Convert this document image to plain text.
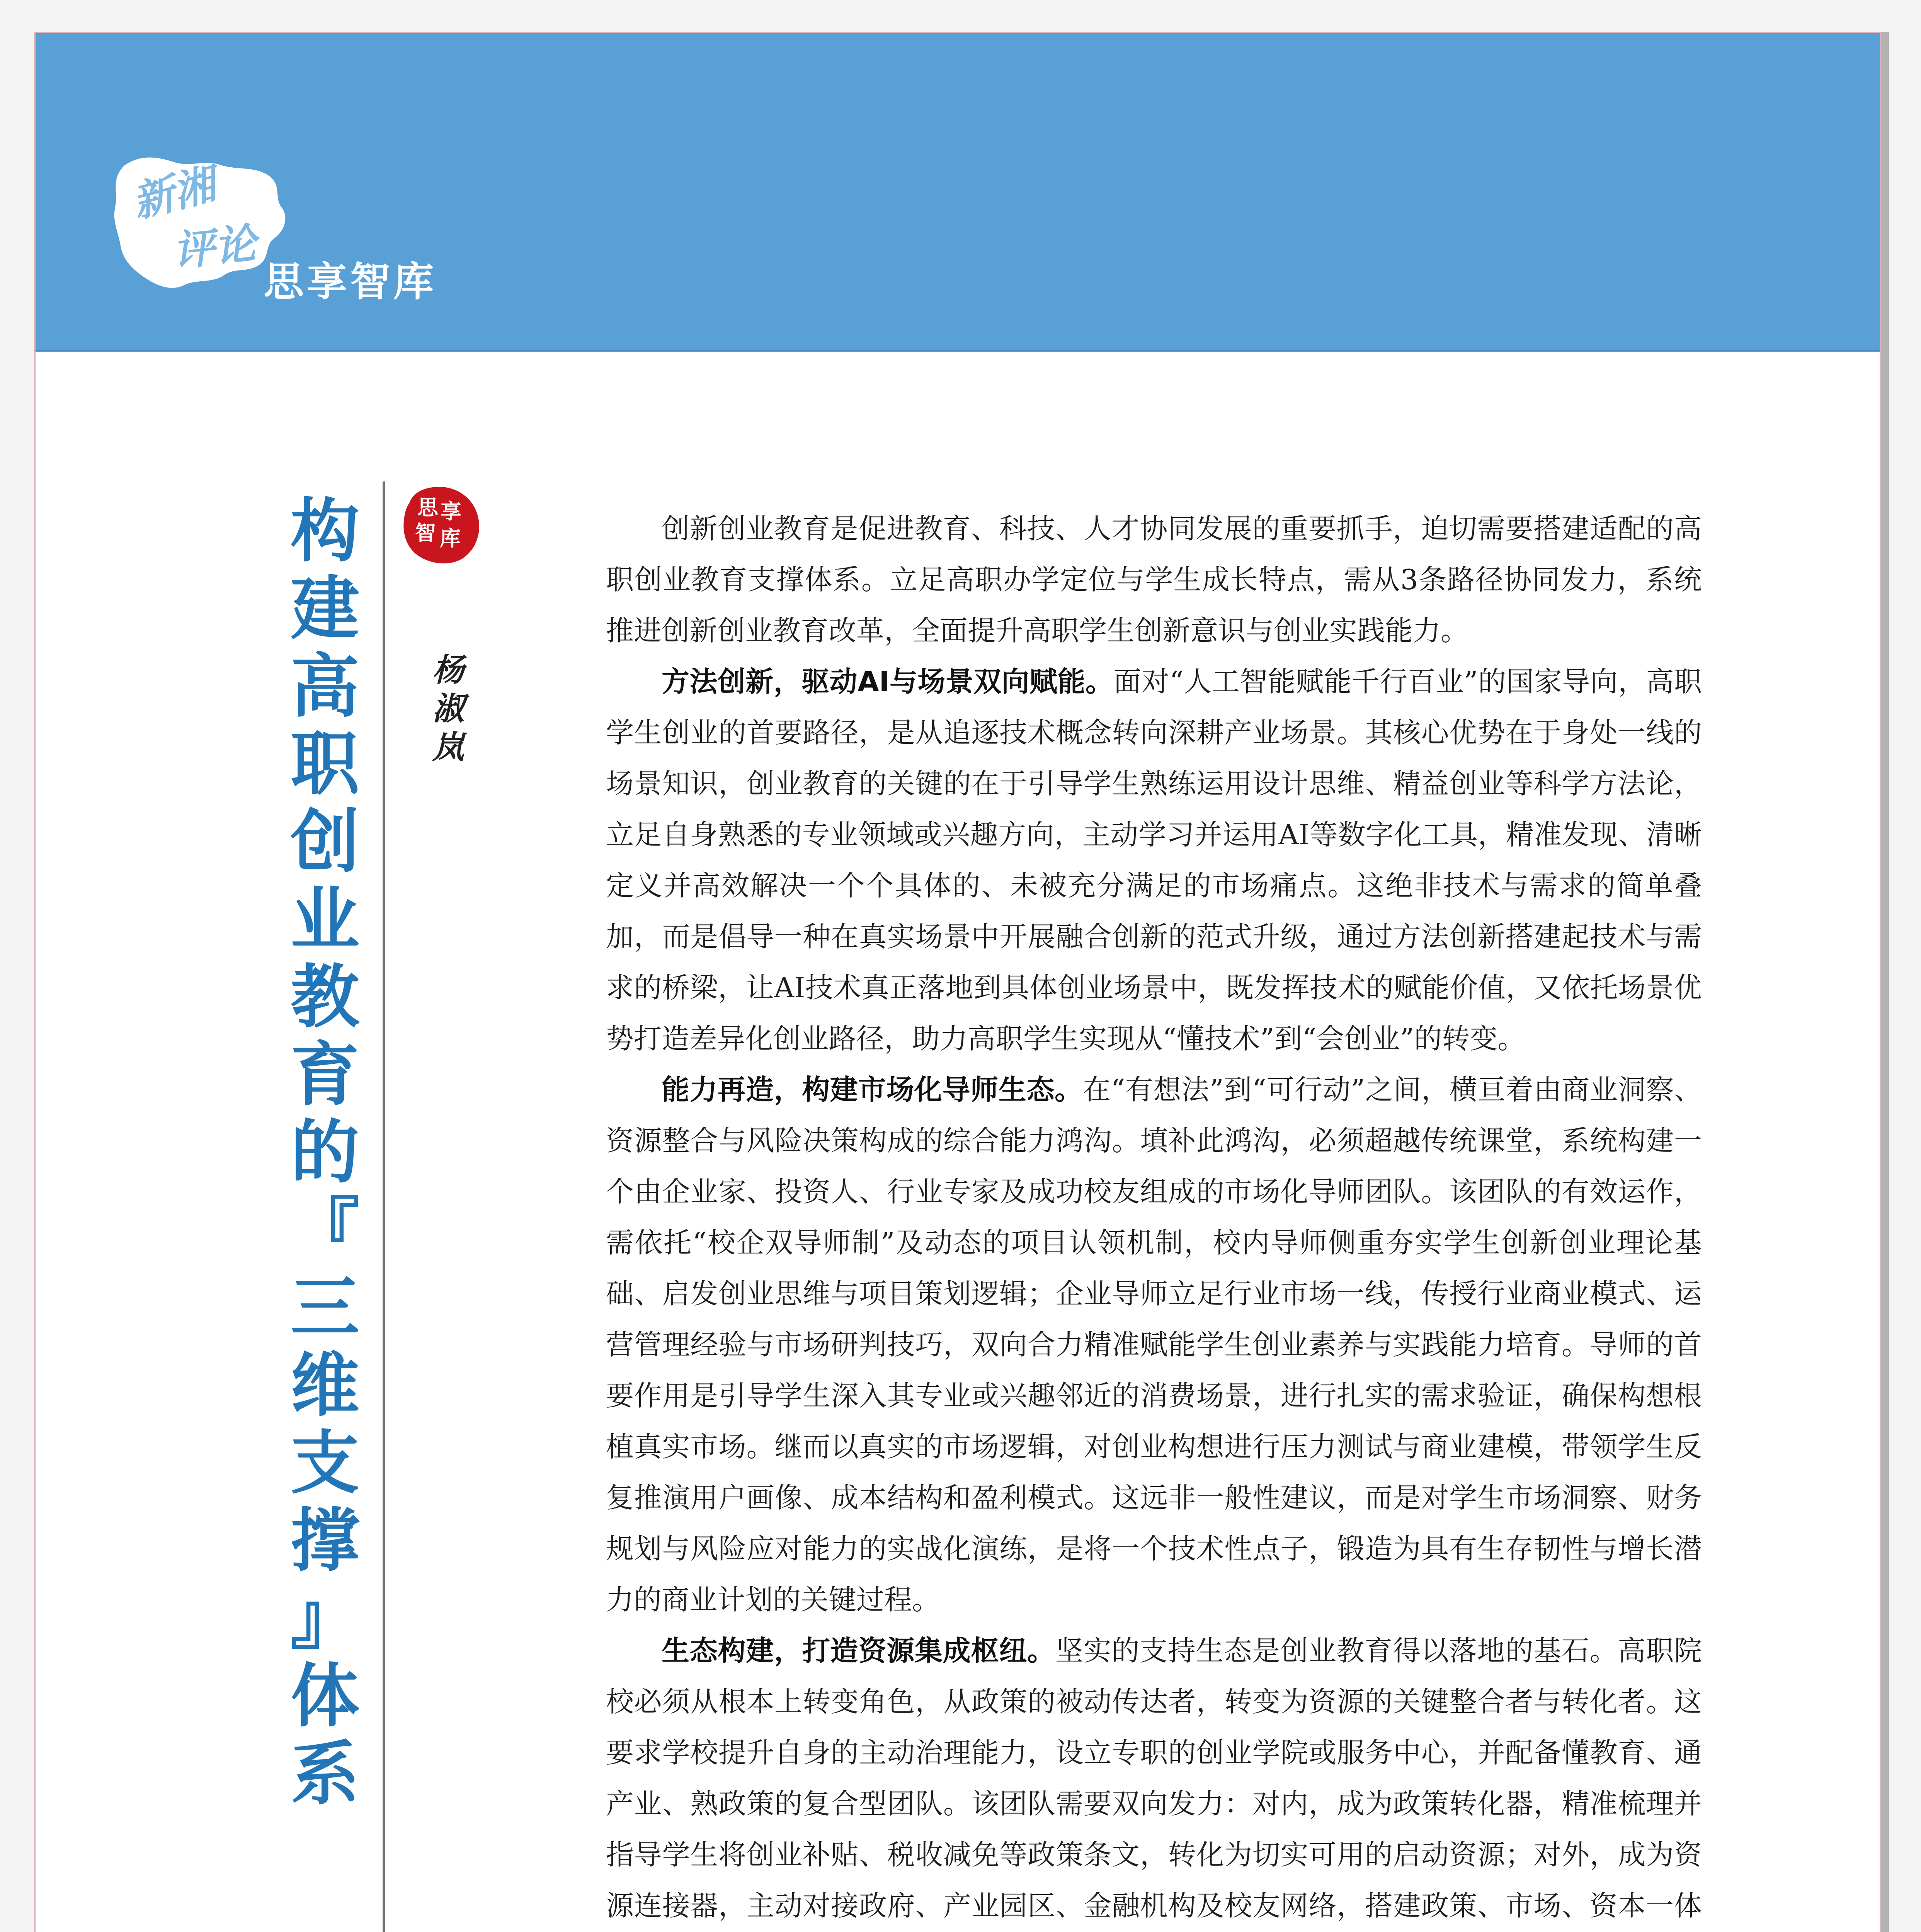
新湘
评论
思享智库
构
建
高
职
创
业
教
育
的
『
三
维
支
撑
』
体
系
思 享
智 库
杨
淑
岚

创新创业教育是促进教育、科技、人才协同发展的重要抓手，迫切需要搭建适配的高职创业教育支撑体系。立足高职办学定位与学生成长特点，需从3条路径协同发力，系统推进创新创业教育改革，全面提升高职学生创新意识与创业实践能力。

方法创新，驱动AI与场景双向赋能。面对“人工智能赋能千行百业”的国家导向，高职学生创业的首要路径，是从追逐技术概念转向深耕产业场景。其核心优势在于身处一线的场景知识，创业教育的关键的在于引导学生熟练运用设计思维、精益创业等科学方法论，立足自身熟悉的专业领域或兴趣方向，主动学习并运用AI等数字化工具，精准发现、清晰定义并高效解决一个个具体的、未被充分满足的市场痛点。这绝非技术与需求的简单叠加，而是倡导一种在真实场景中开展融合创新的范式升级，通过方法创新搭建起技术与需求的桥梁，让AI技术真正落地到具体创业场景中，既发挥技术的赋能价值，又依托场景优势打造差异化创业路径，助力高职学生实现从“懂技术”到“会创业”的转变。

能力再造，构建市场化导师生态。在“有想法”到“可行动”之间，横亘着由商业洞察、资源整合与风险决策构成的综合能力鸿沟。填补此鸿沟，必须超越传统课堂，系统构建一个由企业家、投资人、行业专家及成功校友组成的市场化导师团队。该团队的有效运作，需依托“校企双导师制”及动态的项目认领机制，校内导师侧重夯实学生创新创业理论基础、启发创业思维与项目策划逻辑；企业导师立足行业市场一线，传授行业商业模式、运营管理经验与市场研判技巧，双向合力精准赋能学生创业素养与实践能力培育。导师的首要作用是引导学生深入其专业或兴趣邻近的消费场景，进行扎实的需求验证，确保构想根植真实市场。继而以真实的市场逻辑，对创业构想进行压力测试与商业建模，带领学生反复推演用户画像、成本结构和盈利模式。这远非一般性建议，而是对学生市场洞察、财务规划与风险应对能力的实战化演练，是将一个技术性点子，锻造为具有生存韧性与增长潜力的商业计划的关键过程。

生态构建，打造资源集成枢纽。坚实的支持生态是创业教育得以落地的基石。高职院校必须从根本上转变角色，从政策的被动传达者，转变为资源的关键整合者与转化者。这要求学校提升自身的主动治理能力，设立专职的创业学院或服务中心，并配备懂教育、通产业、熟政策的复合型团队。该团队需要双向发力：对内，成为政策转化器，精准梳理并指导学生将创业补贴、税收减免等政策条文，转化为切实可用的启动资源；对外，成为资源连接器，主动对接政府、产业园区、金融机构及校友网络，搭建政策、市场、资本一体
